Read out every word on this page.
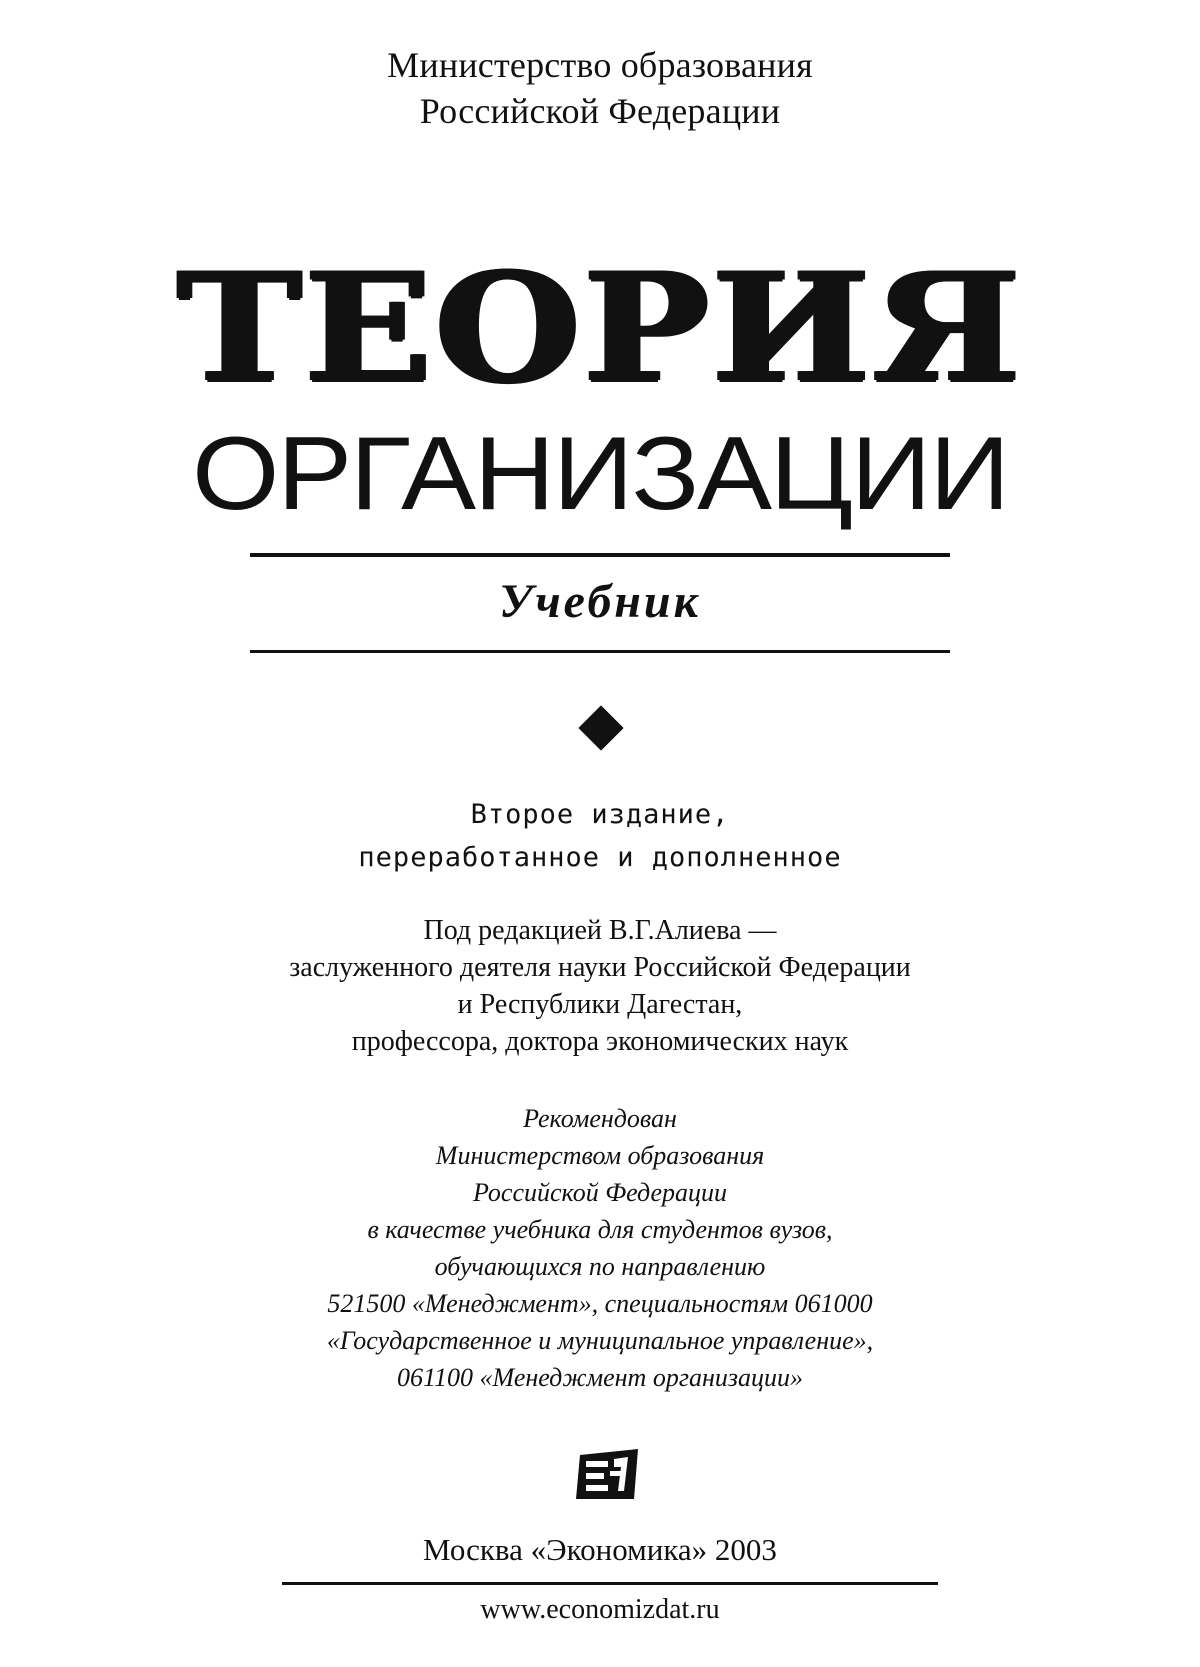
Министерство образования
Российской Федерации
ТЕОРИЯ
ОРГАНИЗАЦИИ
Учебник
Второе издание,
переработанное и дополненное
Под редакцией В.Г.Алиева —
заслуженного деятеля науки Российской Федерации
и Республики Дагестан,
профессора, доктора экономических наук
Рекомендован
Министерством образования
Российской Федерации
в качестве учебника для студентов вузов,
обучающихся по направлению
521500 «Менеджмент», специальностям 061000
«Государственное и муниципальное управление»,
061100 «Менеджмент организации»
Москва «Экономика» 2003
www.economizdat.ru
